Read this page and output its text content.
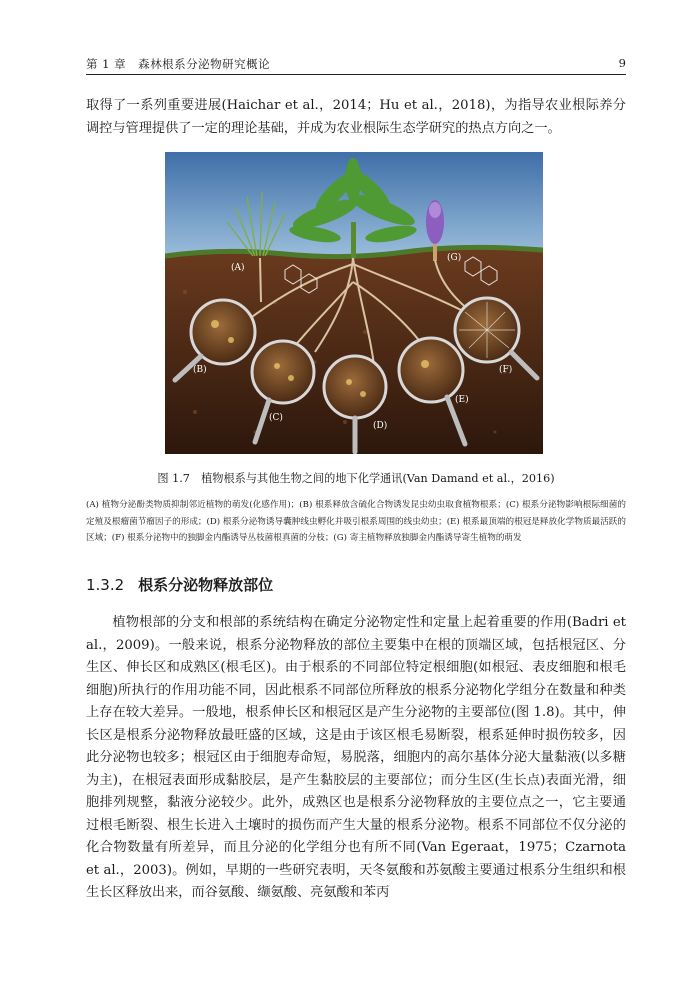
第 1 章　森林根系分泌物研究概论	9

取得了一系列重要进展(Haichar et al.，2014；Hu et al.，2018)，为指导农业根际养分调控与管理提供了一定的理论基础，并成为农业根际生态学研究的热点方向之一。

(A)
(B)
(C)
(D)
(E)
(F)
(G)
图 1.7　植物根系与其他生物之间的地下化学通讯(Van Damand et al.，2016)

(A) 植物分泌酚类物质抑制邻近植物的萌发(化感作用)；(B) 根系释放含硫化合物诱发昆虫幼虫取食植物根系；(C) 根系分泌物影响根际细菌的定殖及根瘤菌节瘤因子的形成；(D) 根系分泌物诱导囊肿线虫孵化并吸引根系周围的线虫幼虫；(E) 根系最顶端的根冠是释放化学物质最活跃的区域；(F) 根系分泌物中的独脚金内酯诱导丛枝菌根真菌的分枝；(G) 寄主植物释放独脚金内酯诱导寄生植物的萌发

1.3.2 根系分泌物释放部位

植物根部的分支和根部的系统结构在确定分泌物定性和定量上起着重要的作用(Badri et al.，2009)。一般来说，根系分泌物释放的部位主要集中在根的顶端区域，包括根冠区、分生区、伸长区和成熟区(根毛区)。由于根系的不同部位特定根细胞(如根冠、表皮细胞和根毛细胞)所执行的作用功能不同，因此根系不同部位所释放的根系分泌物化学组分在数量和种类上存在较大差异。一般地，根系伸长区和根冠区是产生分泌物的主要部位(图 1.8)。其中，伸长区是根系分泌物释放最旺盛的区域，这是由于该区根毛易断裂，根系延伸时损伤较多，因此分泌物也较多；根冠区由于细胞寿命短，易脱落，细胞内的高尔基体分泌大量黏液(以多糖为主)，在根冠表面形成黏胶层，是产生黏胶层的主要部位；而分生区(生长点)表面光滑，细胞排列规整，黏液分泌较少。此外，成熟区也是根系分泌物释放的主要位点之一，它主要通过根毛断裂、根生长进入土壤时的损伤而产生大量的根系分泌物。根系不同部位不仅分泌的化合物数量有所差异，而且分泌的化学组分也有所不同(Van Egeraat，1975；Czarnota et al.，2003)。例如，早期的一些研究表明，天冬氨酸和苏氨酸主要通过根系分生组织和根生长区释放出来，而谷氨酸、缬氨酸、亮氨酸和苯丙
